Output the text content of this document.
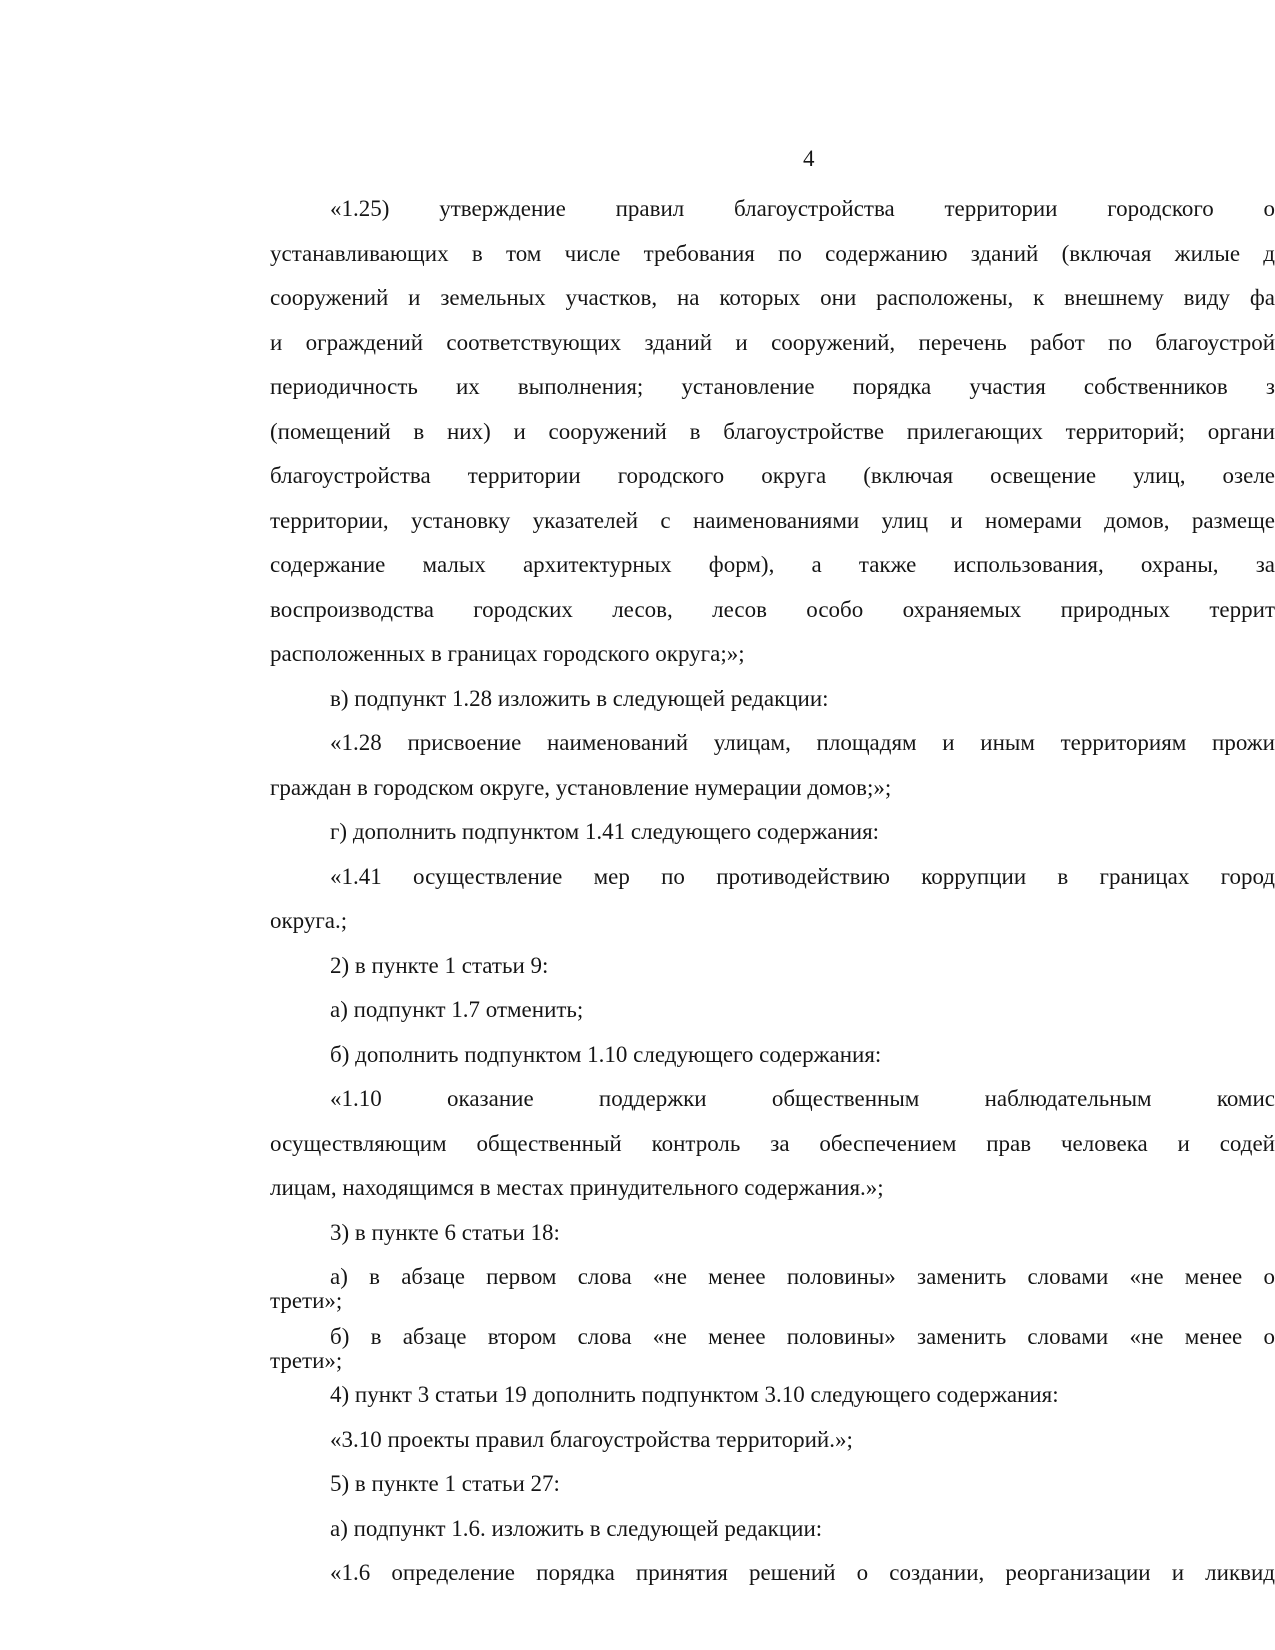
4
«1.25) утверждение правил благоустройства территории городского о
устанавливающих в том числе требования по содержанию зданий (включая жилые д
сооружений и земельных участков, на которых они расположены, к внешнему виду фа
и ограждений соответствующих зданий и сооружений, перечень работ по благоустрой
периодичность их выполнения; установление порядка участия собственников з
(помещений в них) и сооружений в благоустройстве прилегающих территорий; органи
благоустройства территории городского округа (включая освещение улиц, озеле
территории, установку указателей с наименованиями улиц и номерами домов, размеще
содержание малых архитектурных форм), а также использования, охраны, за
воспроизводства городских лесов, лесов особо охраняемых природных террит
расположенных в границах городского округа;»;
в) подпункт 1.28 изложить в следующей редакции:
«1.28 присвоение наименований улицам, площадям и иным территориям прожи
граждан в городском округе, установление нумерации домов;»;
г) дополнить подпунктом 1.41 следующего содержания:
«1.41 осуществление мер по противодействию коррупции в границах город
округа.;
2) в пункте 1 статьи 9:
а) подпункт 1.7 отменить;
б) дополнить подпунктом 1.10 следующего содержания:
«1.10 оказание поддержки общественным наблюдательным комис
осуществляющим общественный контроль за обеспечением прав человека и содей
лицам, находящимся в местах принудительного содержания.»;
3) в пункте 6 статьи 18:
а) в абзаце первом слова «не менее половины» заменить словами «не менее о
трети»;
б) в абзаце втором слова «не менее половины» заменить словами «не менее о
трети»;
4) пункт 3 статьи 19 дополнить подпунктом 3.10 следующего содержания:
«3.10 проекты правил благоустройства территорий.»;
5) в пункте 1 статьи 27:
а) подпункт 1.6. изложить в следующей редакции:
«1.6 определение порядка принятия решений о создании, реорганизации и ликвид
